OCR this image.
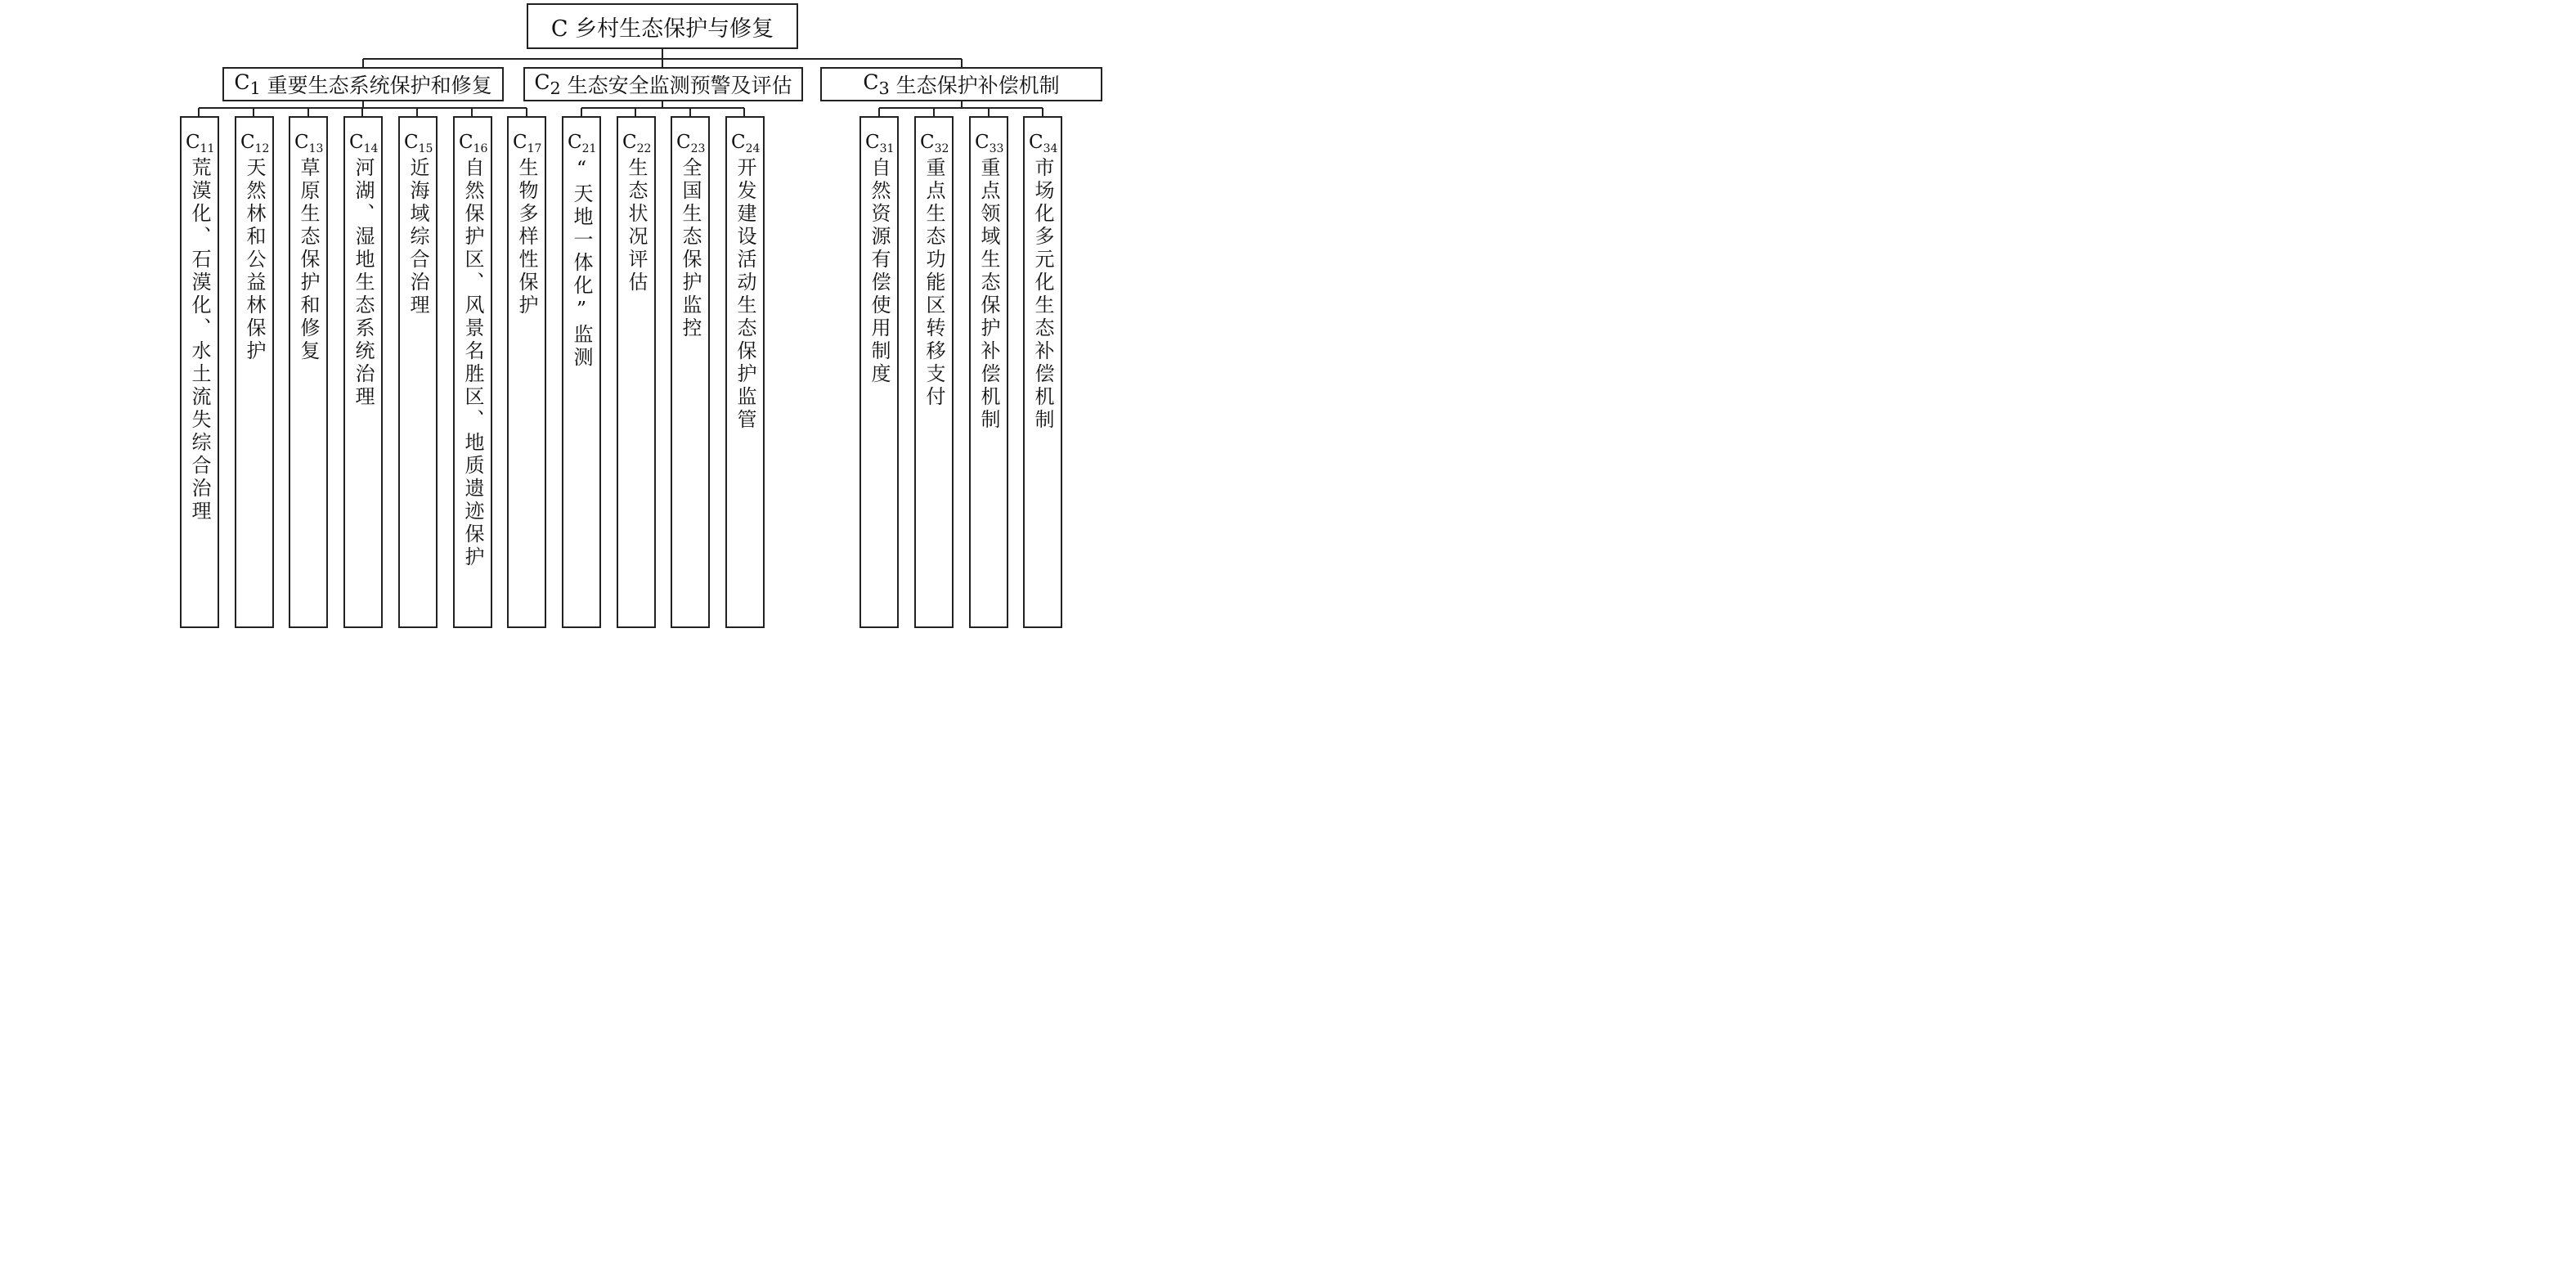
C 乡村生态保护与修复
$C_1$
重要生态系统保护和修复 $C_2$
生态安全监测预警及评估	$C_3$
生态保护补偿机制
$C_{11}$
荒漠化、石漠化、水土流失综合治理
$C_{12}$
天然林和公益林保护
$C_{13}$
草原生态保护和修复
$C_{14}$
河湖、湿地生态系统治理
$C_{15}$
近海域综合治理
$C_{16}$
自然保护区、风景名胜区、地质遗迹保护
$C_{17}$
生物多样性保护
$C_{21}$
“天地一体化”监测
$C_{22}$
生态状况评估
$C_{23}$
全国生态保护监控
$C_{24}$
开发建设活动生态保护监管
$C_{31}$
自然资源有偿使用制度
$C_{32}$
重点生态功能区转移支付
$C_{33}$
重点领域生态保护补偿机制
$C_{34}$
市场化多元化生态补偿机制
